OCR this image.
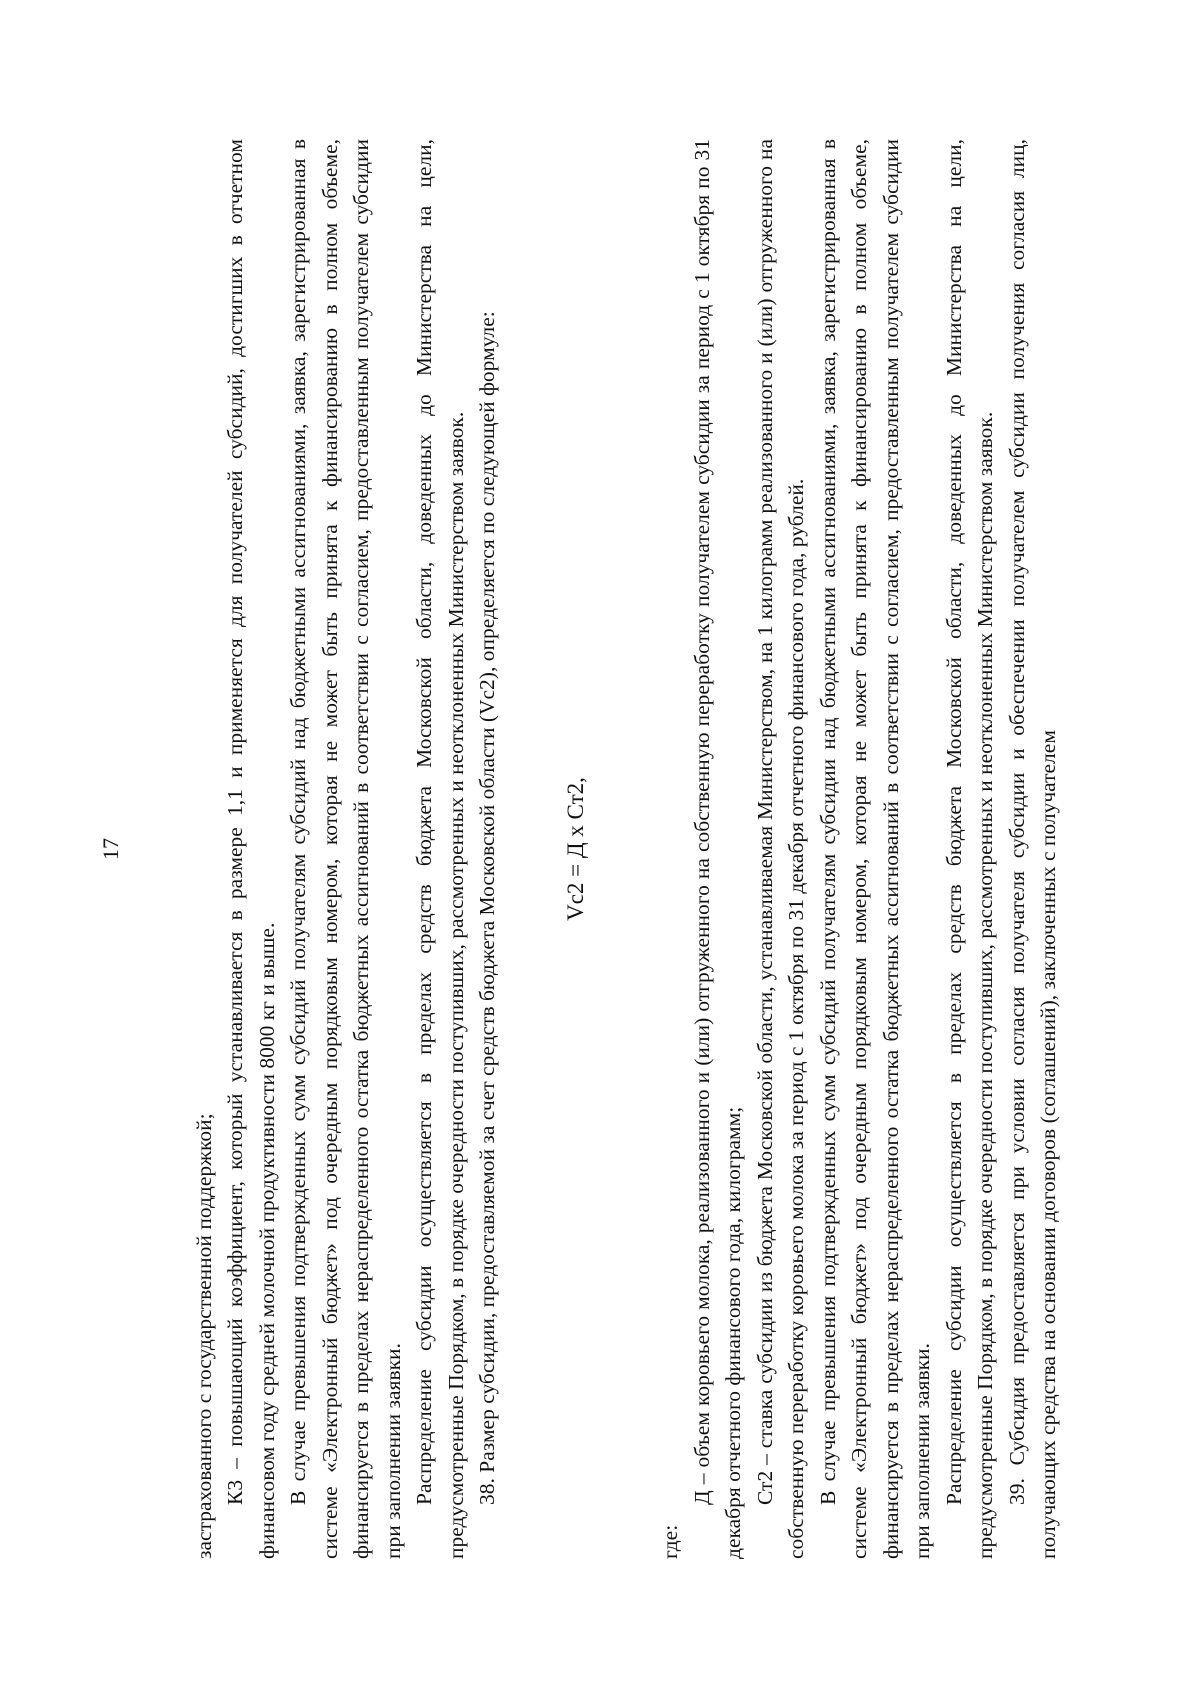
17

застрахованного с государственной поддержкой; К3 – повышающий коэффициент, который устанавливается в размере 1,1 и применяется для получателей субсидий, достигших в отчетном финансовом году средней молочной продуктивности 8000 кг и выше. В случае превышения подтвержденных сумм субсидий получателям субсидий над бюджетными ассигнованиями, заявка, зарегистрированная в системе «Электронный бюджет» под очередным порядковым номером, которая не может быть принята к финансированию в полном объеме, финансируется в пределах нераспределенного остатка бюджетных ассигнований в соответствии с согласием, предоставленным получателем субсидии при заполнении заявки. Распределение субсидии осуществляется в пределах средств бюджета Московской области, доведенных до Министерства на цели, предусмотренные Порядком, в порядке очередности поступивших, рассмотренных и неотклоненных Министерством заявок. 38. Размер субсидии, предоставляемой за счет средств бюджета Московской области (Vс2), определяется по следующей формуле:	Vс2 = Д х Ст2,

где:

Д – объем коровьего молока, реализованного и (или) отгруженного на собственную переработку получателем субсидии за период с 1 октября по 31 декабря отчетного финансового года, килограмм; Ст2 – ставка субсидии из бюджета Московской области, устанавливаемая Министерством, на 1 килограмм реализованного и (или) отгруженного на собственную переработку коровьего молока за период с 1 октября по 31 декабря отчетного финансового года, рублей. В случае превышения подтвержденных сумм субсидий получателям субсидии над бюджетными ассигнованиями, заявка, зарегистрированная в системе «Электронный бюджет» под очередным порядковым номером, которая не может быть принята к финансированию в полном объеме, финансируется в пределах нераспределенного остатка бюджетных ассигнований в соответствии с согласием, предоставленным получателем субсидии при заполнении заявки. Распределение субсидии осуществляется в пределах средств бюджета Московской области, доведенных до Министерства на цели, предусмотренные Порядком, в порядке очередности поступивших, рассмотренных и неотклоненных Министерством заявок. 39. Субсидия предоставляется при условии согласия получателя субсидии и обеспечении получателем субсидии получения согласия лиц, получающих средства на основании договоров (соглашений), заключенных с получателем
